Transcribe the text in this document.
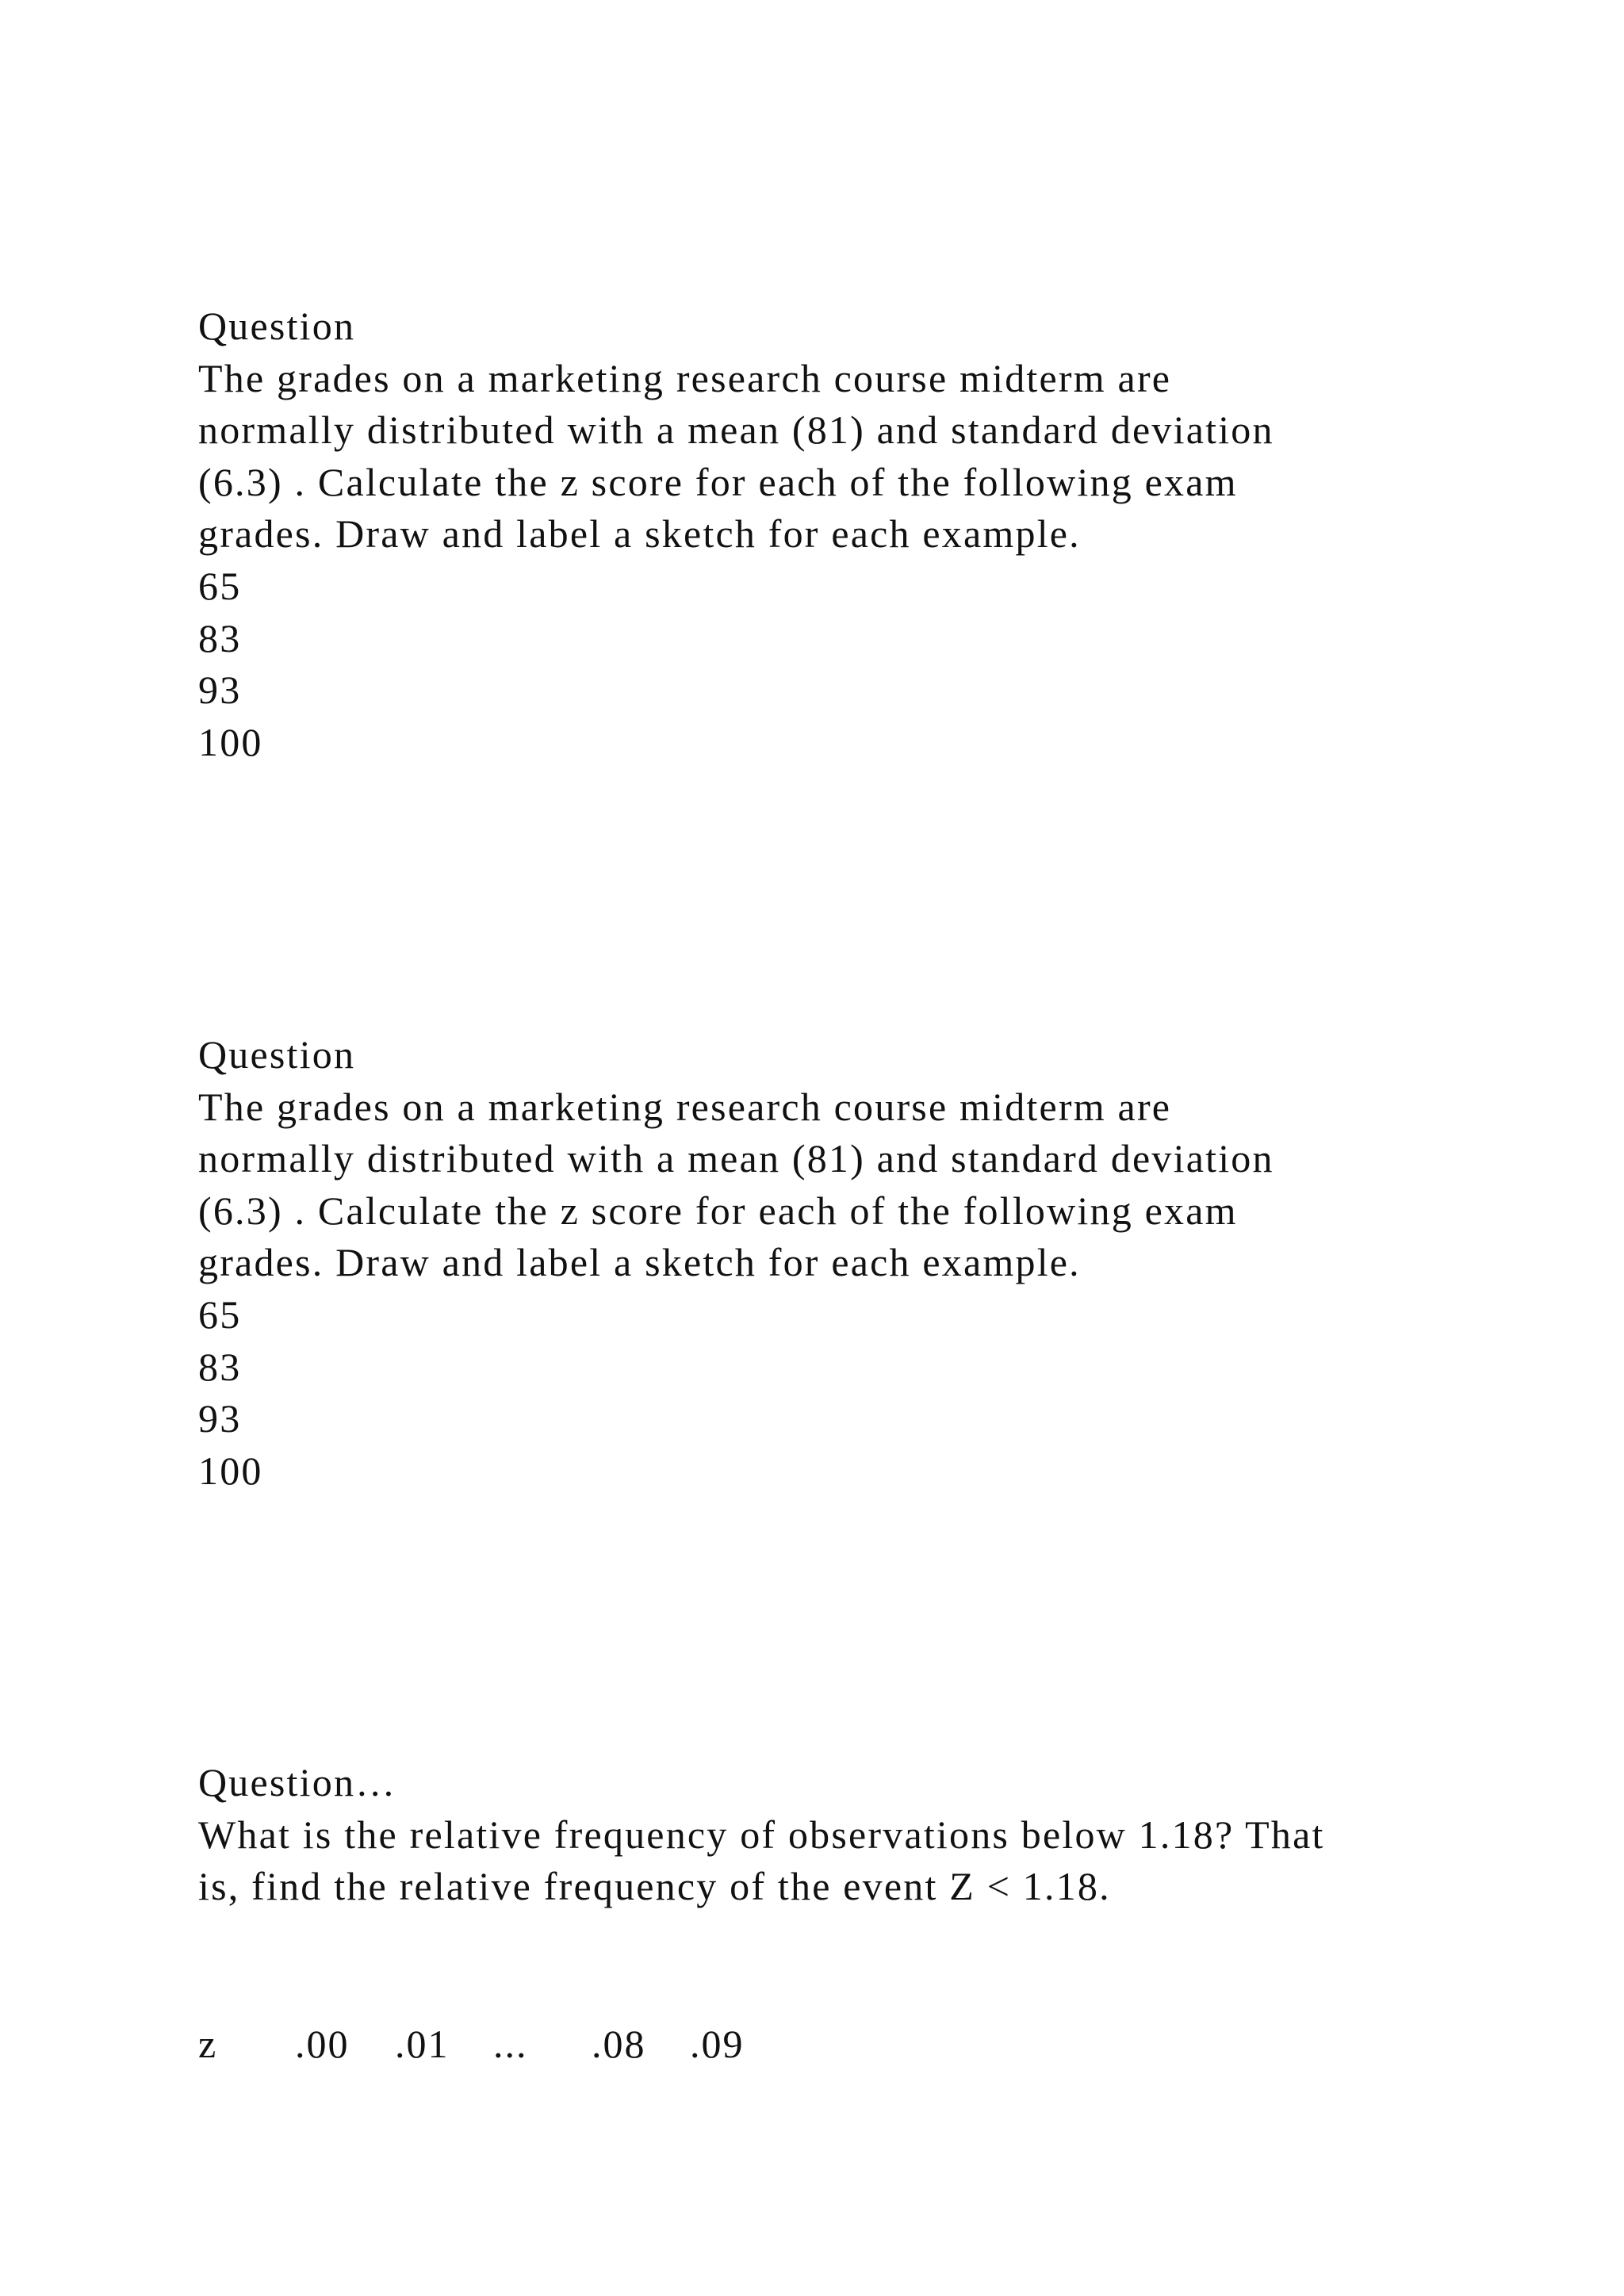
Question
The grades on a marketing research course midterm are
normally distributed with a mean (81) and standard deviation
(6.3) . Calculate the z score for each of the following exam
grades. Draw and label a sketch for each example.
65
83
93
100
Question
The grades on a marketing research course midterm are
normally distributed with a mean (81) and standard deviation
(6.3) . Calculate the z score for each of the following exam
grades. Draw and label a sketch for each example.
65
83
93
100
Question…
What is the relative frequency of observations below 1.18? That
is, find the relative frequency of the event Z < 1.18.
z .00 .01 ... .08 .09
